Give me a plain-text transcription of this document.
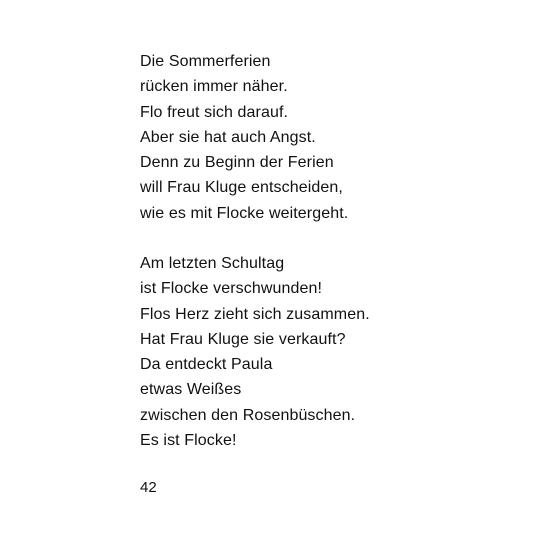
Die Sommerferien
rücken immer näher.
Flo freut sich darauf.
Aber sie hat auch Angst.
Denn zu Beginn der Ferien
will Frau Kluge entscheiden,
wie es mit Flocke weitergeht.
Am letzten Schultag
ist Flocke verschwunden!
Flos Herz zieht sich zusammen.
Hat Frau Kluge sie verkauft?
Da entdeckt Paula
etwas Weißes
zwischen den Rosenbüschen.
Es ist Flocke!
42
